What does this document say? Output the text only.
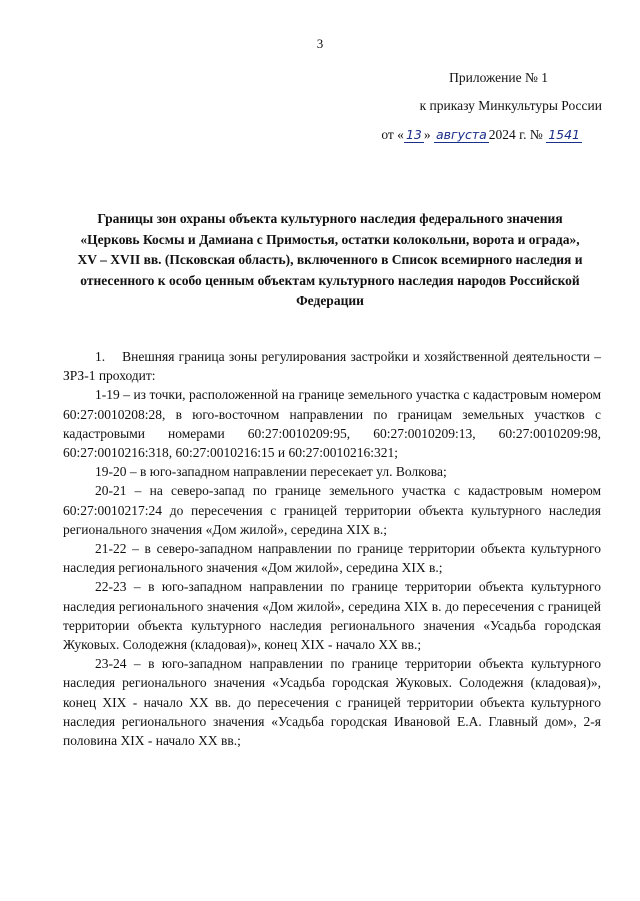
3
Приложение № 1
к приказу Минкультуры России
от « 13 » августа 2024 г. № 1541
Границы зон охраны объекта культурного наследия федерального значения «Церковь Космы и Дамиана с Примостья, остатки колокольни, ворота и ограда», XV – XVII вв. (Псковская область), включенного в Список всемирного наследия и отнесенного к особо ценным объектам культурного наследия народов Российской Федерации

1.    Внешняя граница зоны регулирования застройки и хозяйственной деятельности – ЗРЗ-1 проходит:

1-19 – из точки, расположенной на границе земельного участка с кадастровым номером 60:27:0010208:28, в юго-восточном направлении по границам земельных участков с кадастровыми номерами 60:27:0010209:95, 60:27:0010209:13, 60:27:0010209:98, 60:27:0010216:318, 60:27:0010216:15 и 60:27:0010216:321;

19-20 – в юго-западном направлении пересекает ул. Волкова;

20-21 – на северо-запад по границе земельного участка с кадастровым номером 60:27:0010217:24 до пересечения с границей территории объекта культурного наследия регионального значения «Дом жилой», середина XIX в.;

21-22 – в северо-западном направлении по границе территории объекта культурного наследия регионального значения «Дом жилой», середина XIX в.;

22-23 – в юго-западном направлении по границе территории объекта культурного наследия регионального значения «Дом жилой», середина XIX в. до пересечения с границей территории объекта культурного наследия регионального значения «Усадьба городская Жуковых. Солодежня (кладовая)», конец XIX - начало XX вв.;

23-24 – в юго-западном направлении по границе территории объекта культурного наследия регионального значения «Усадьба городская Жуковых. Солодежня (кладовая)», конец XIX - начало XX вв. до пересечения с границей территории объекта культурного наследия регионального значения «Усадьба городская Ивановой Е.А. Главный дом», 2-я половина XIX - начало XX вв.;
